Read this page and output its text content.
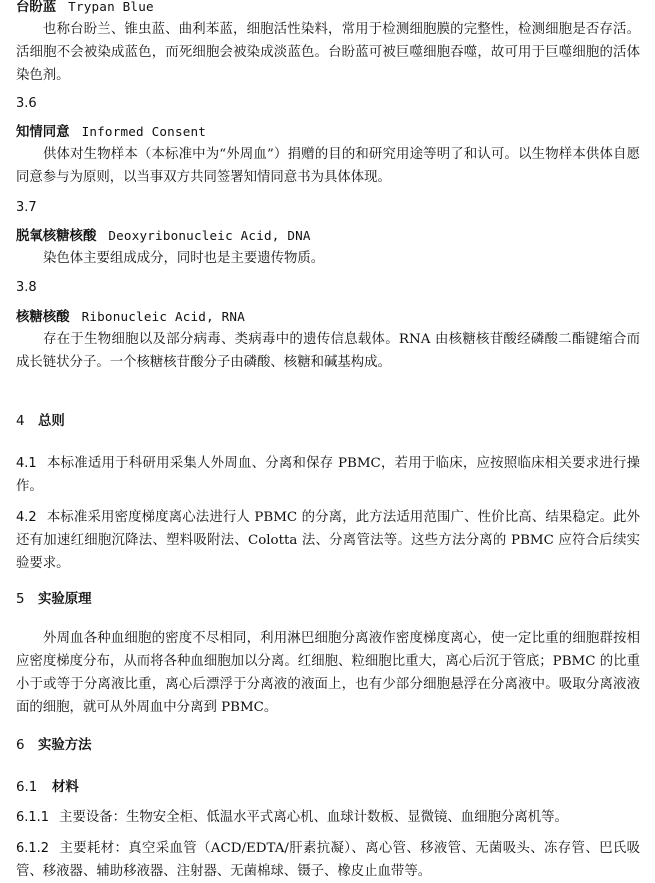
台盼蓝 Trypan Blue
也称台盼兰、锥虫蓝、曲利苯蓝，细胞活性染料，常用于检测细胞膜的完整性，检测细胞是否存活。活细胞不会被染成蓝色，而死细胞会被染成淡蓝色。台盼蓝可被巨噬细胞吞噬，故可用于巨噬细胞的活体染色剂。
3.6
知情同意 Informed Consent
供体对生物样本（本标准中为“外周血”）捐赠的目的和研究用途等明了和认可。以生物样本供体自愿同意参与为原则，以当事双方共同签署知情同意书为具体体现。
3.7
脱氧核糖核酸 Deoxyribonucleic Acid, DNA
染色体主要组成成分，同时也是主要遗传物质。
3.8
核糖核酸 Ribonucleic Acid, RNA
存在于生物细胞以及部分病毒、类病毒中的遗传信息载体。RNA 由核糖核苷酸经磷酸二酯键缩合而成长链状分子。一个核糖核苷酸分子由磷酸、核糖和碱基构成。
4 总则
4.1 本标准适用于科研用采集人外周血、分离和保存 PBMC，若用于临床，应按照临床相关要求进行操作。
4.2 本标准采用密度梯度离心法进行人 PBMC 的分离，此方法适用范围广、性价比高、结果稳定。此外还有加速红细胞沉降法、塑料吸附法、Colotta 法、分离管法等。这些方法分离的 PBMC 应符合后续实验要求。
5 实验原理
外周血各种血细胞的密度不尽相同，利用淋巴细胞分离液作密度梯度离心，使一定比重的细胞群按相应密度梯度分布，从而将各种血细胞加以分离。红细胞、粒细胞比重大，离心后沉于管底；PBMC 的比重小于或等于分离液比重，离心后漂浮于分离液的液面上，也有少部分细胞悬浮在分离液中。吸取分离液液面的细胞，就可从外周血中分离到 PBMC。
6 实验方法
6.1 材料
6.1.1 主要设备：生物安全柜、低温水平式离心机、血球计数板、显微镜、血细胞分离机等。
6.1.2 主要耗材：真空采血管（ACD/EDTA/肝素抗凝）、离心管、移液管、无菌吸头、冻存管、巴氏吸管、移液器、辅助移液器、注射器、无菌棉球、镊子、橡皮止血带等。
